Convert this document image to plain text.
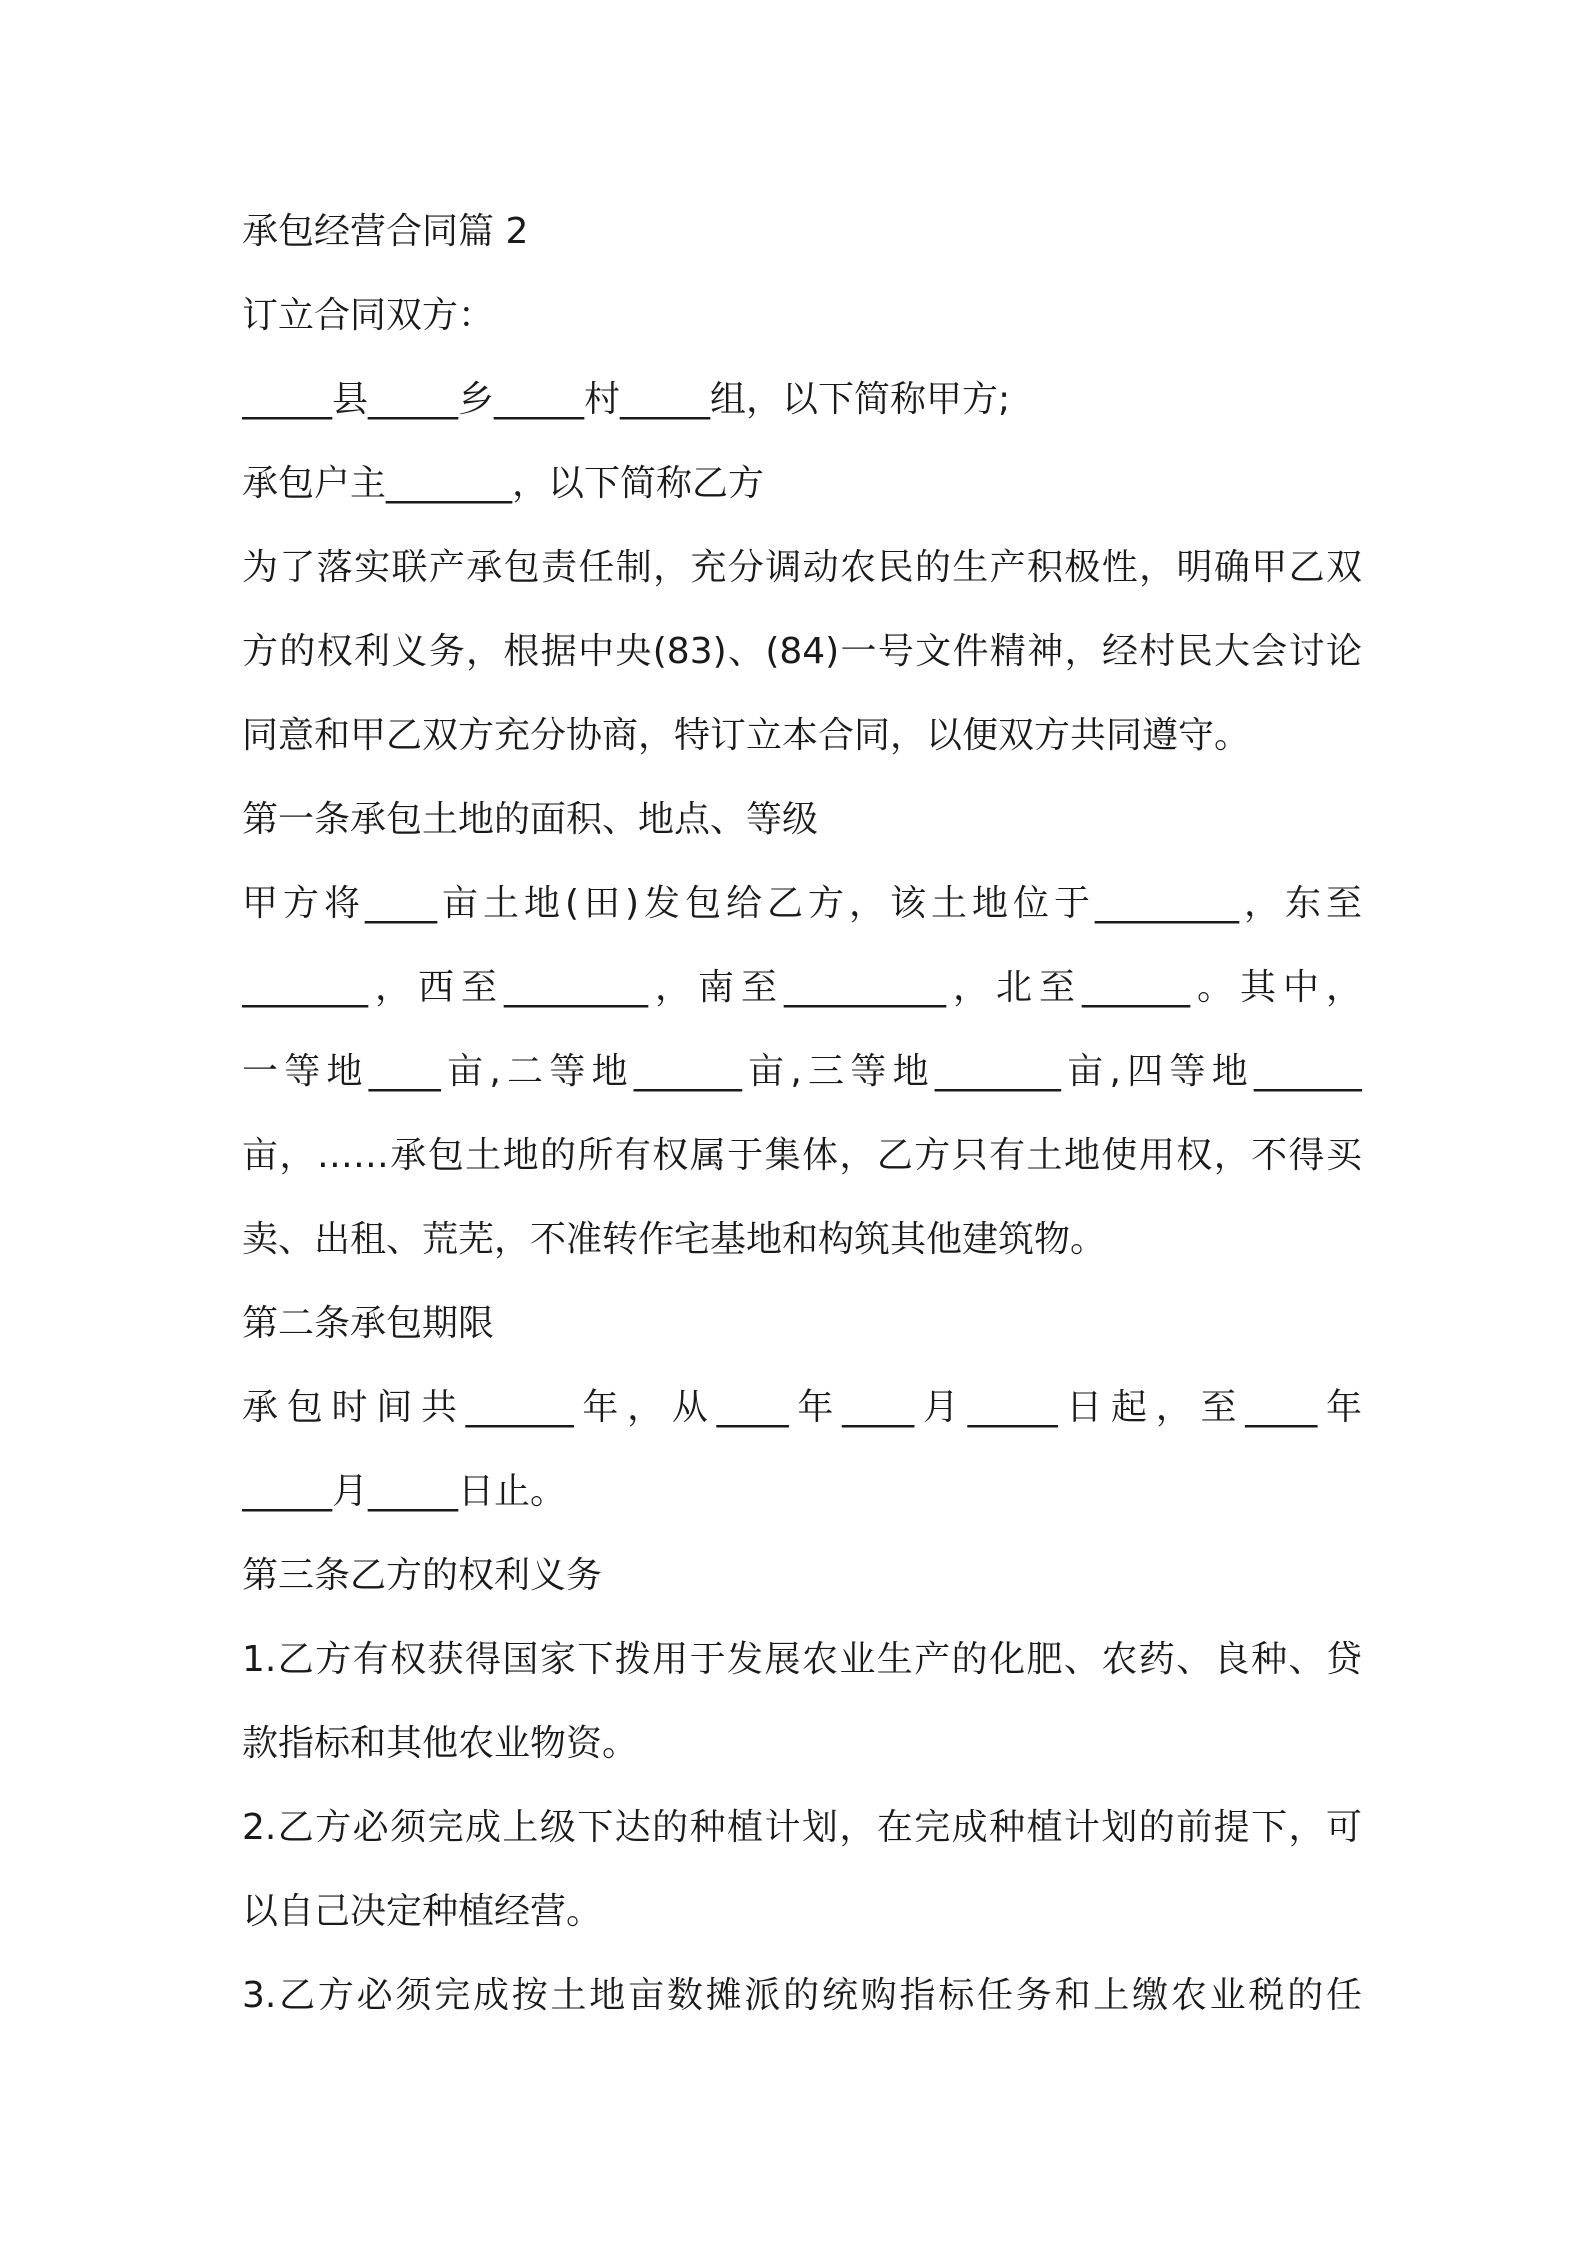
承包经营合同篇 2
订立合同双方：
_____县_____乡_____村_____组，以下简称甲方;
承包户主_______，以下简称乙方
为了落实联产承包责任制，充分调动农民的生产积极性，明确甲乙双
方的权利义务，根据中央(83)、(84)一号文件精神，经村民大会讨论
同意和甲乙双方充分协商，特订立本合同，以便双方共同遵守。
第一条承包土地的面积、地点、等级
甲方将____亩土地(田)发包给乙方，该土地位于________，东至
_______，西至________，南至_________，北至______。其中，
一等地____亩,二等地______亩,三等地_______亩,四等地______
亩，……承包土地的所有权属于集体，乙方只有土地使用权，不得买
卖、出租、荒芜，不准转作宅基地和构筑其他建筑物。
第二条承包期限
承包时间共______年，从____年____月_____日起，至____年
_____月_____日止。
第三条乙方的权利义务
1.乙方有权获得国家下拨用于发展农业生产的化肥、农药、良种、贷
款指标和其他农业物资。
2.乙方必须完成上级下达的种植计划，在完成种植计划的前提下，可
以自己决定种植经营。
3.乙方必须完成按土地亩数摊派的统购指标任务和上缴农业税的任
